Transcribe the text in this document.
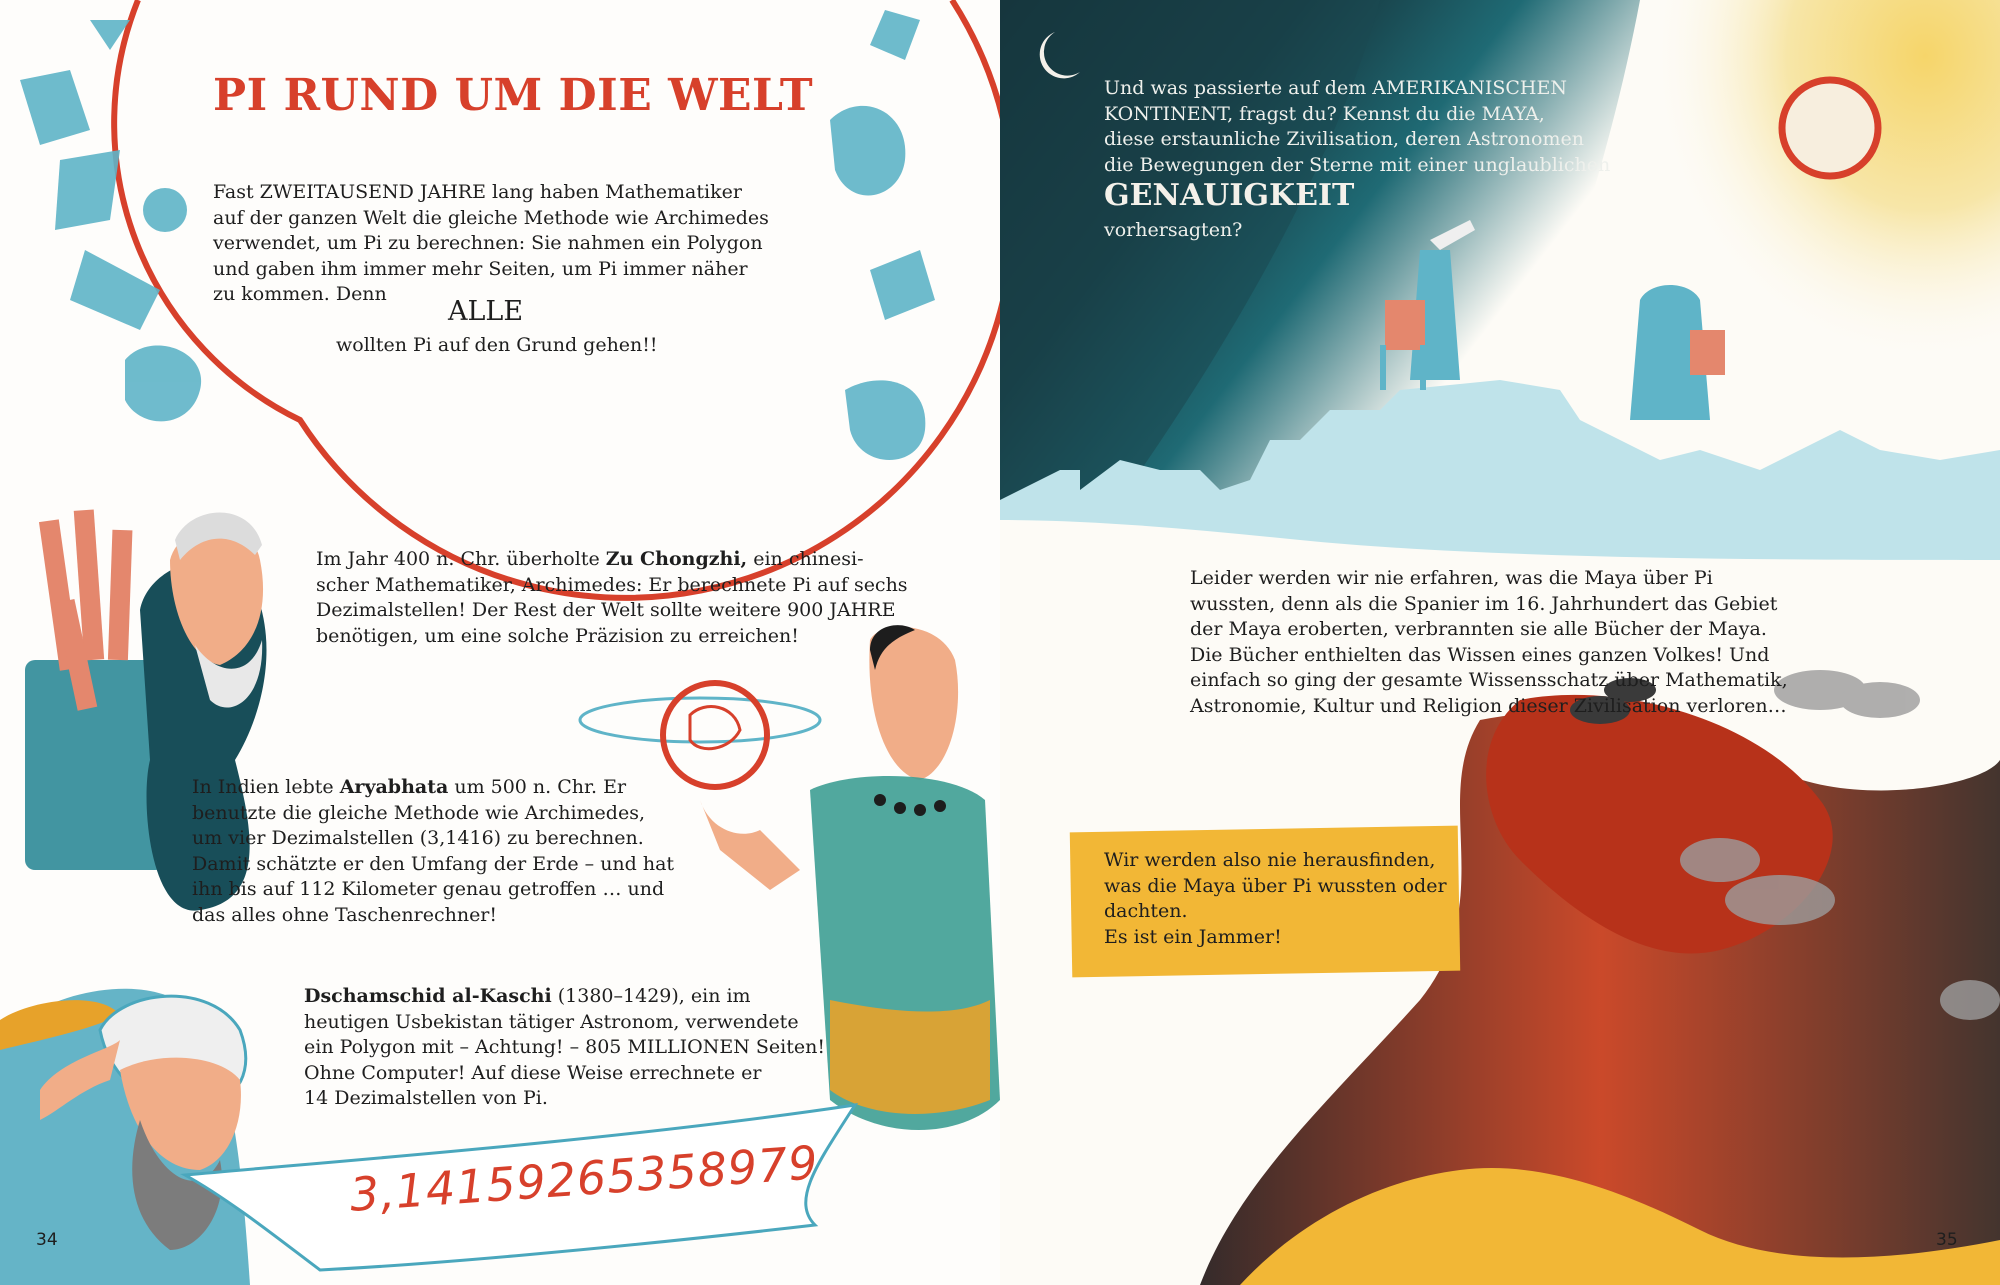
PI RUND UM DIE WELT

Fast ZWEITAUSEND JAHRE lang haben Mathematiker
auf der ganzen Welt die gleiche Methode wie Archimedes
verwendet, um Pi zu berechnen: Sie nahmen ein Polygon
und gaben ihm immer mehr Seiten, um Pi immer näher
zu kommen. Denn

ALLE

wollten Pi auf den Grund gehen!!

Im Jahr 400 n. Chr. überholte Zu Chongzhi, ein chinesi-
scher Mathematiker, Archimedes: Er berechnete Pi auf sechs
Dezimalstellen! Der Rest der Welt sollte weitere 900 JAHRE
benötigen, um eine solche Präzision zu erreichen!

In Indien lebte Aryabhata um 500 n. Chr. Er
benutzte die gleiche Methode wie Archimedes,
um vier Dezimalstellen (3,1416) zu berechnen.
Damit schätzte er den Umfang der Erde – und hat
ihn bis auf 112 Kilometer genau getroffen … und
das alles ohne Taschenrechner!

Dschamschid al-Kaschi (1380–1429), ein im
heutigen Usbekistan tätiger Astronom, verwendete
ein Polygon mit – Achtung! – 805 MILLIONEN Seiten!
Ohne Computer! Auf diese Weise errechnete er
14 Dezimalstellen von Pi.

3,14159265358979

34

Und was passierte auf dem AMERIKANISCHEN
KONTINENT, fragst du? Kennst du die MAYA,
diese erstaunliche Zivilisation, deren Astronomen
die Bewegungen der Sterne mit einer unglaublichen

GENAUIGKEIT

vorhersagten?

Leider werden wir nie erfahren, was die Maya über Pi
wussten, denn als die Spanier im 16. Jahrhundert das Gebiet
der Maya eroberten, verbrannten sie alle Bücher der Maya.
Die Bücher enthielten das Wissen eines ganzen Volkes! Und
einfach so ging der gesamte Wissensschatz über Mathematik,
Astronomie, Kultur und Religion dieser Zivilisation verloren…

Wir werden also nie herausfinden,
was die Maya über Pi wussten oder
dachten.
Es ist ein Jammer!

35
